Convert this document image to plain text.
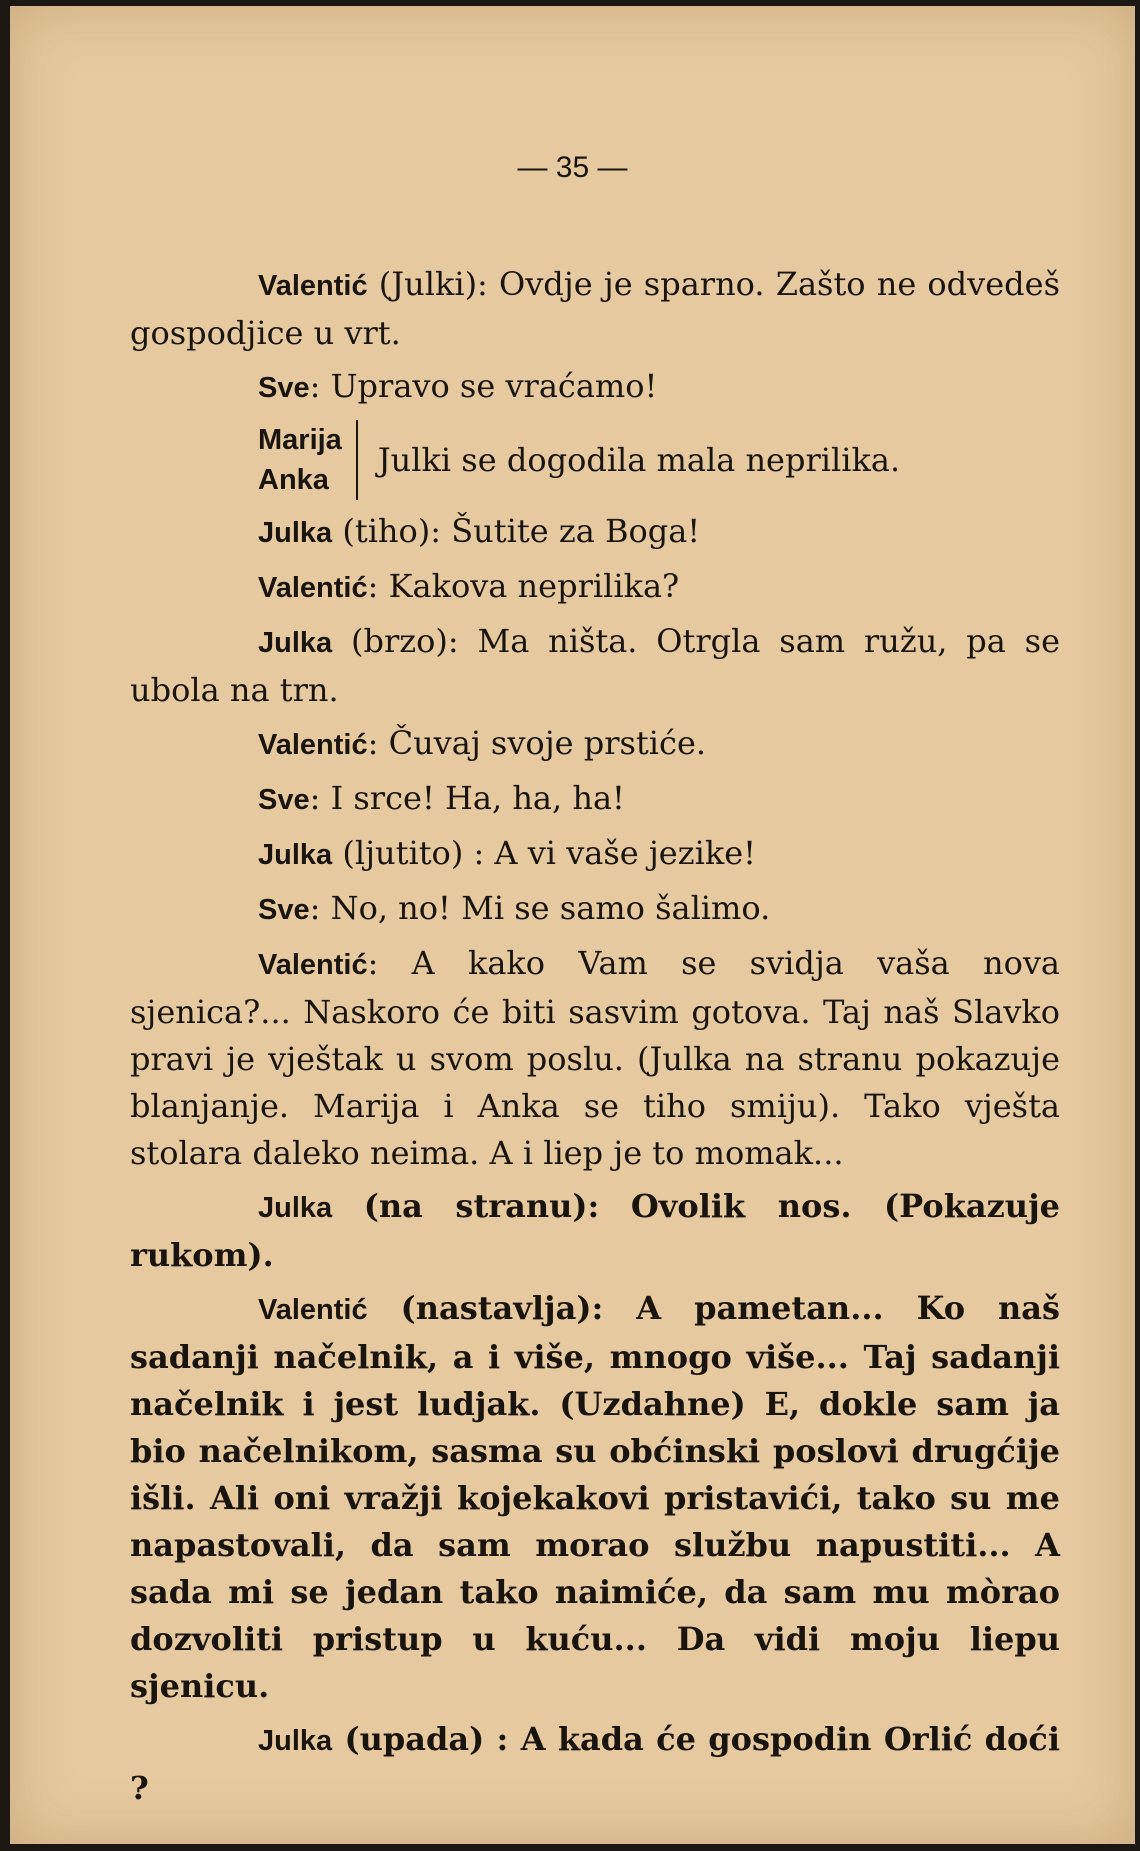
— 35 —

Valentić (Julki): Ovdje je sparno. Zašto ne odvedeš gospodjice u vrt.

Sve: Upravo se vraćamo!

Marija
Anka
Julki se dogodila mala neprilika.

Julka (tiho): Šutite za Boga!

Valentić: Kakova neprilika?

Julka (brzo): Ma ništa. Otrgla sam ružu, pa se ubola na trn.

Valentić: Čuvaj svoje prstiće.

Sve: I srce! Ha, ha, ha!

Julka (ljutito) : A vi vaše jezike!

Sve: No, no! Mi se samo šalimo.

Valentić: A kako Vam se svidja vaša nova sjenica?... Naskoro će biti sasvim gotova. Taj naš Slavko pravi je vještak u svom poslu. (Julka na stranu pokazuje blanjanje. Marija i Anka se tiho smiju). Tako vješta stolara daleko neima. A i liep je to momak...

Julka (na stranu): Ovolik nos. (Pokazuje rukom).

Valentić (nastavlja): A pametan... Ko naš sadanji načelnik, a i više, mnogo više... Taj sadanji načelnik i jest ludjak. (Uzdahne) E, dokle sam ja bio načelnikom, sasma su obćinski poslovi drugćije išli. Ali oni vražji kojekakovi pristavići, tako su me napastovali, da sam morao službu napustiti... A sada mi se jedan tako naimiće, da sam mu mòrao dozvoliti pristup u kuću... Da vidi moju liepu sjenicu.

Julka (upada) : A kada će gospodin Orlić doći ?
